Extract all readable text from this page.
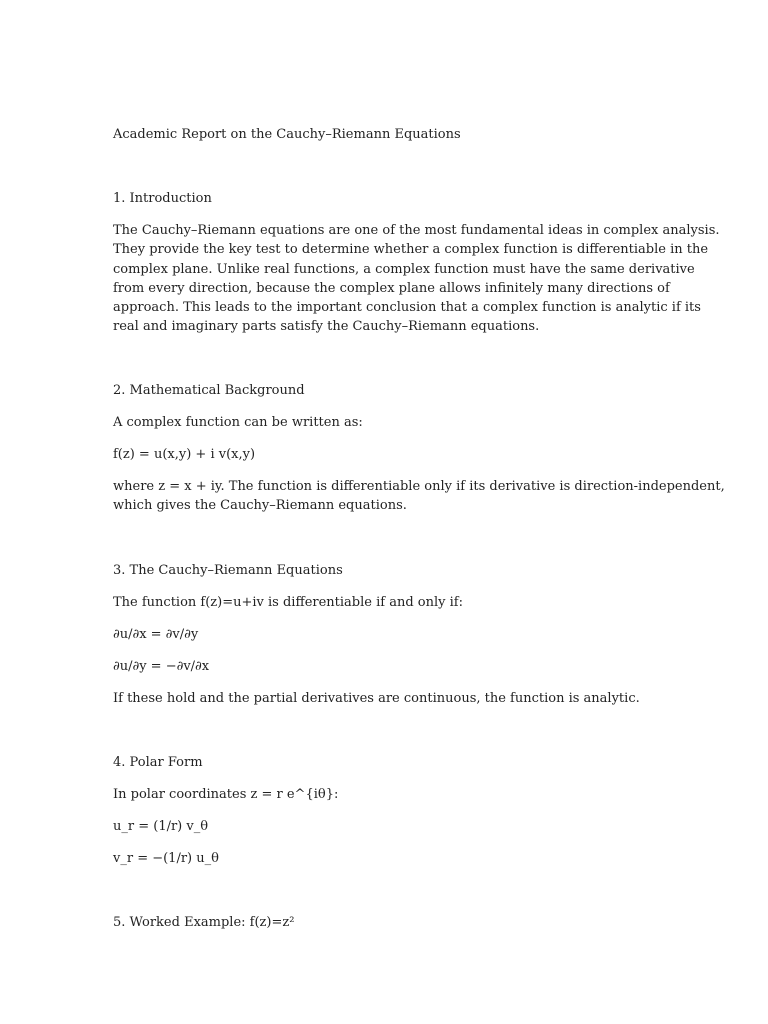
Academic Report on the Cauchy–Riemann Equations

1. Introduction

The Cauchy–Riemann equations are one of the most fundamental ideas in complex analysis.
They provide the key test to determine whether a complex function is differentiable in the
complex plane. Unlike real functions, a complex function must have the same derivative
from every direction, because the complex plane allows infinitely many directions of
approach. This leads to the important conclusion that a complex function is analytic if its
real and imaginary parts satisfy the Cauchy–Riemann equations.

2. Mathematical Background

A complex function can be written as:

f(z) = u(x,y) + i v(x,y)

where z = x + iy. The function is differentiable only if its derivative is direction-independent,
which gives the Cauchy–Riemann equations.

3. The Cauchy–Riemann Equations

The function f(z)=u+iv is differentiable if and only if:

∂u/∂x = ∂v/∂y

∂u/∂y = −∂v/∂x

If these hold and the partial derivatives are continuous, the function is analytic.

4. Polar Form

In polar coordinates z = r e^{iθ}:

u_r = (1/r) v_θ

v_r = −(1/r) u_θ

5. Worked Example: f(z)=z²
